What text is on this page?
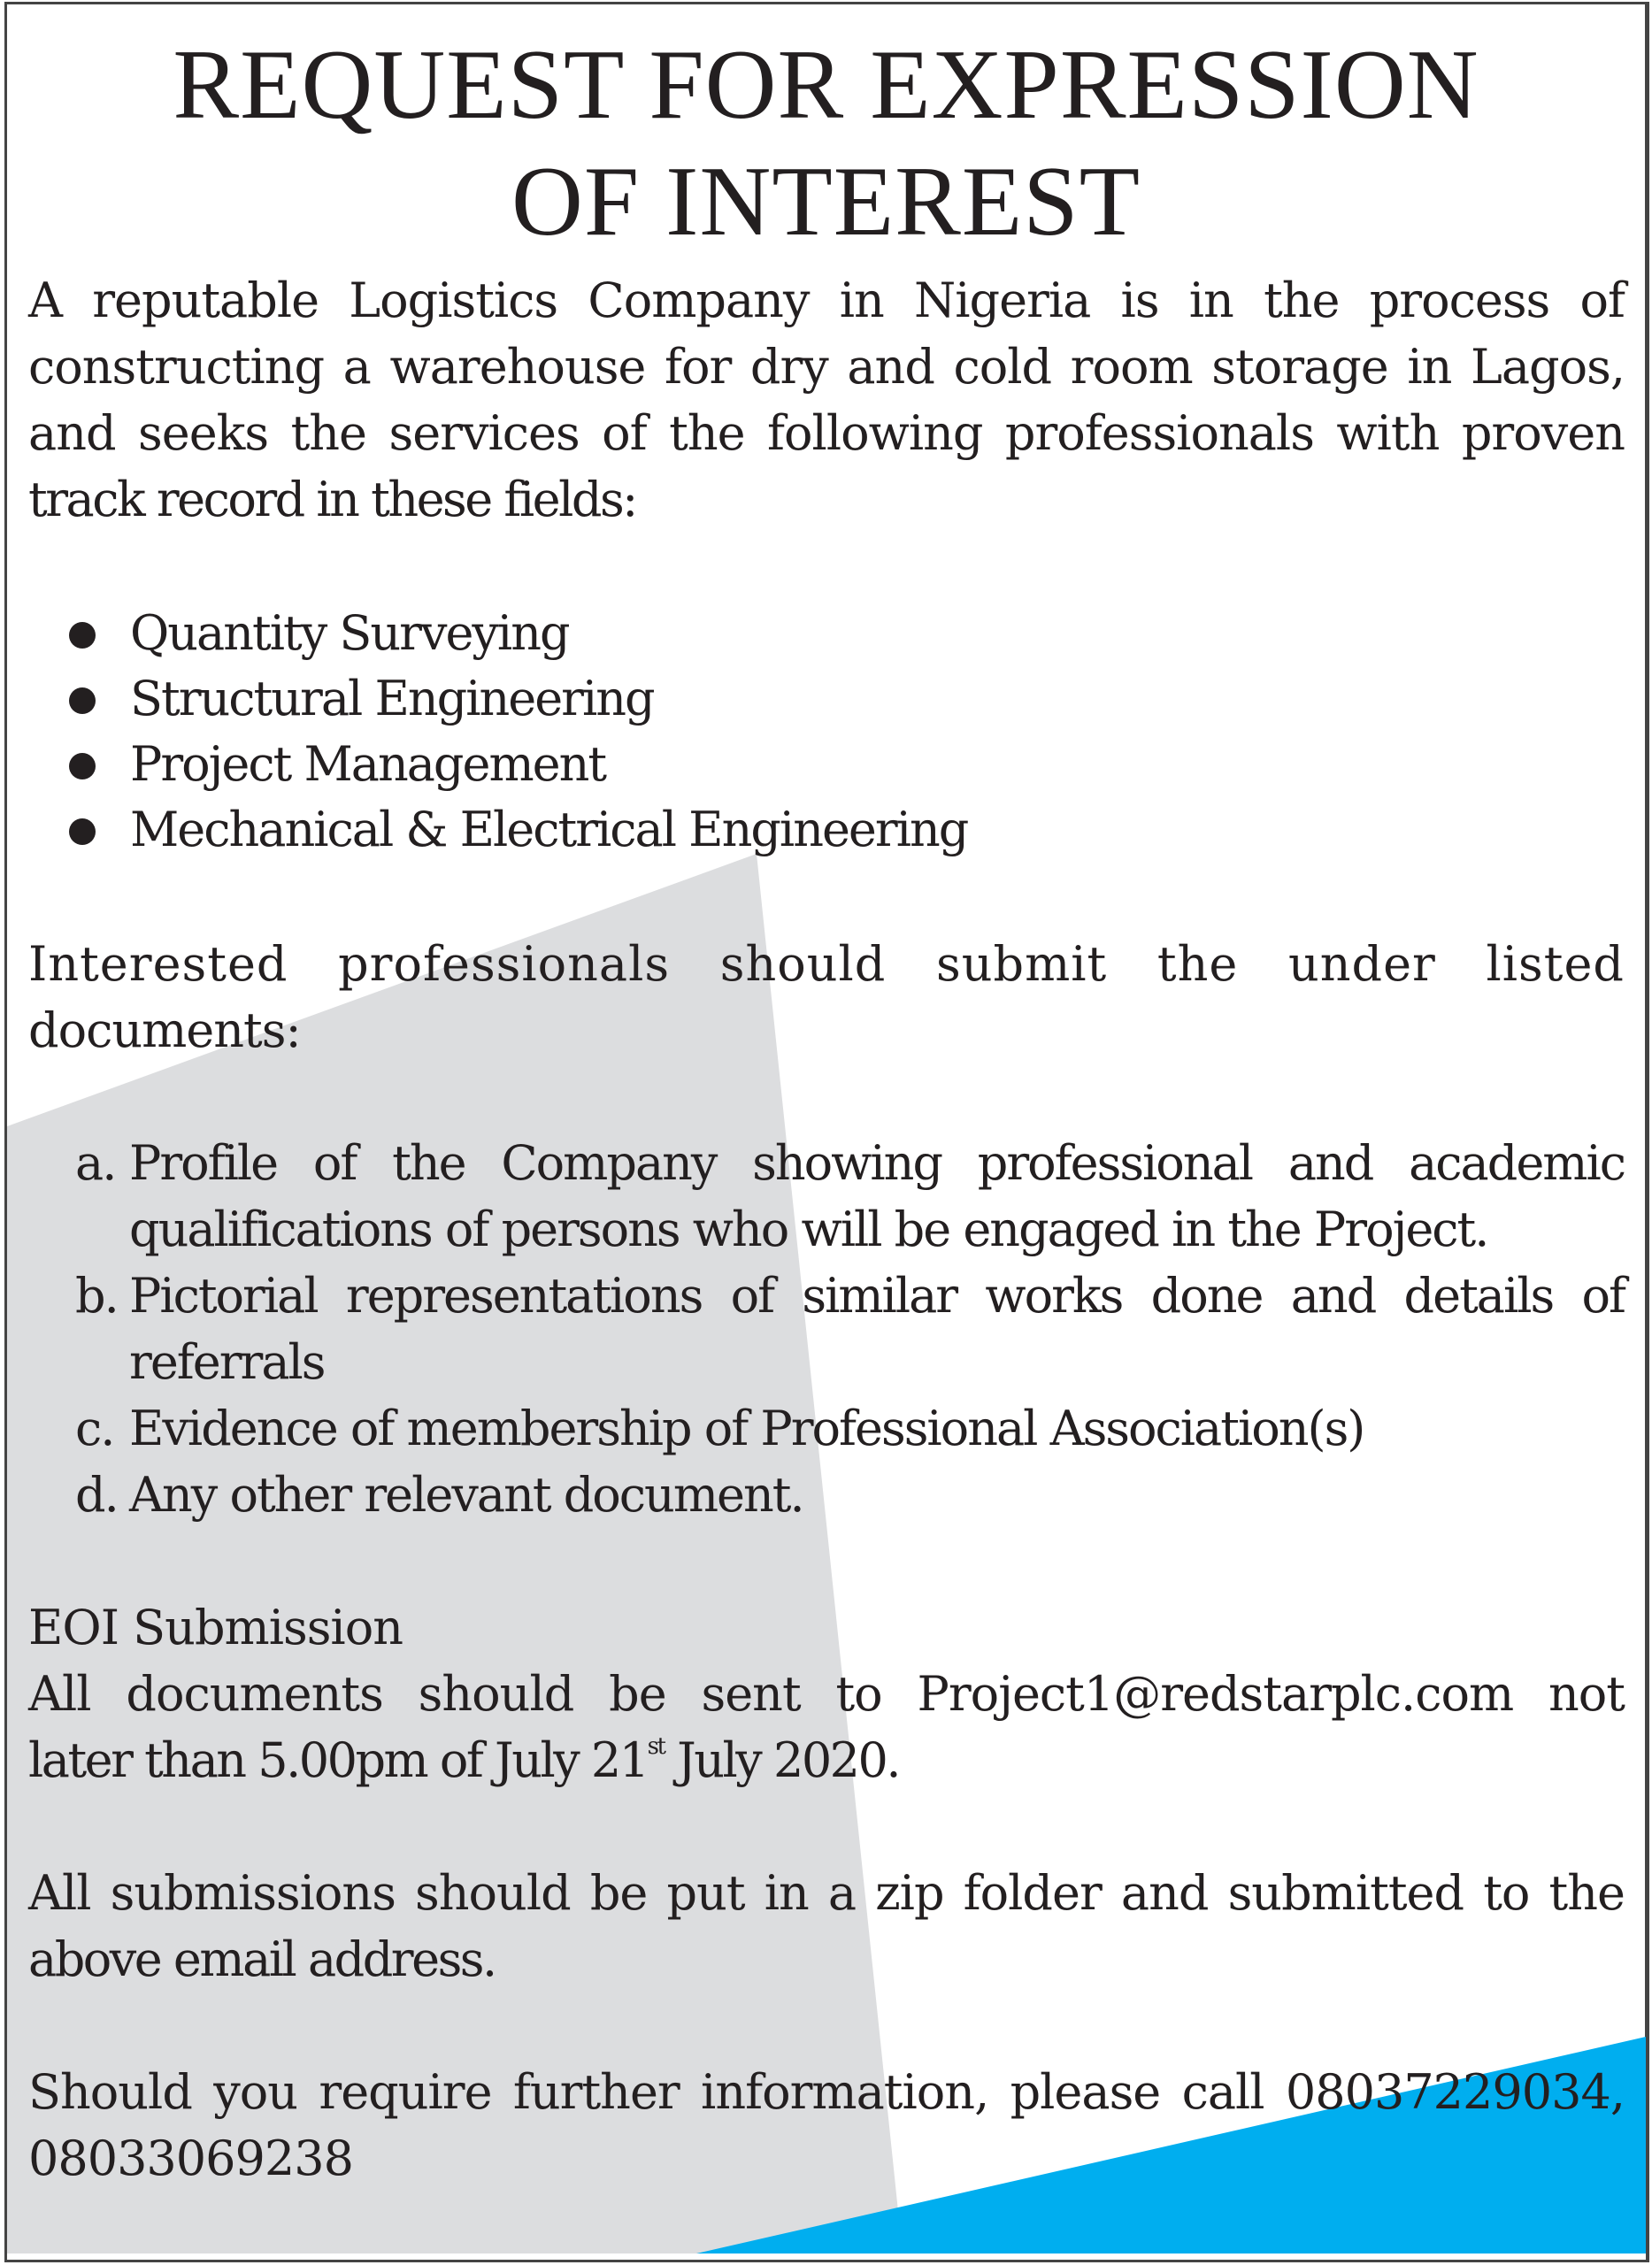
REQUEST FOR EXPRESSION
OF INTEREST
A reputable Logistics Company in Nigeria is in the process of
constructing a warehouse for dry and cold room storage in Lagos,
and seeks the services of the following professionals with proven
track record in these fields:
Quantity Surveying
Structural Engineering
Project Management
Mechanical & Electrical Engineering
Interested professionals should submit the under listed
documents:
a. Profile of the Company showing professional and academic
qualifications of persons who will be engaged in the Project.
b. Pictorial representations of similar works done and details of
referrals
c. Evidence of membership of Professional Association(s)
d. Any other relevant document.
EOI Submission
All documents should be sent to Project1@redstarplc.com not
later than 5.00pm of July 21st July 2020.
All submissions should be put in a zip folder and submitted to the
above email address.
Should you require further information, please call 08037229034,
08033069238
